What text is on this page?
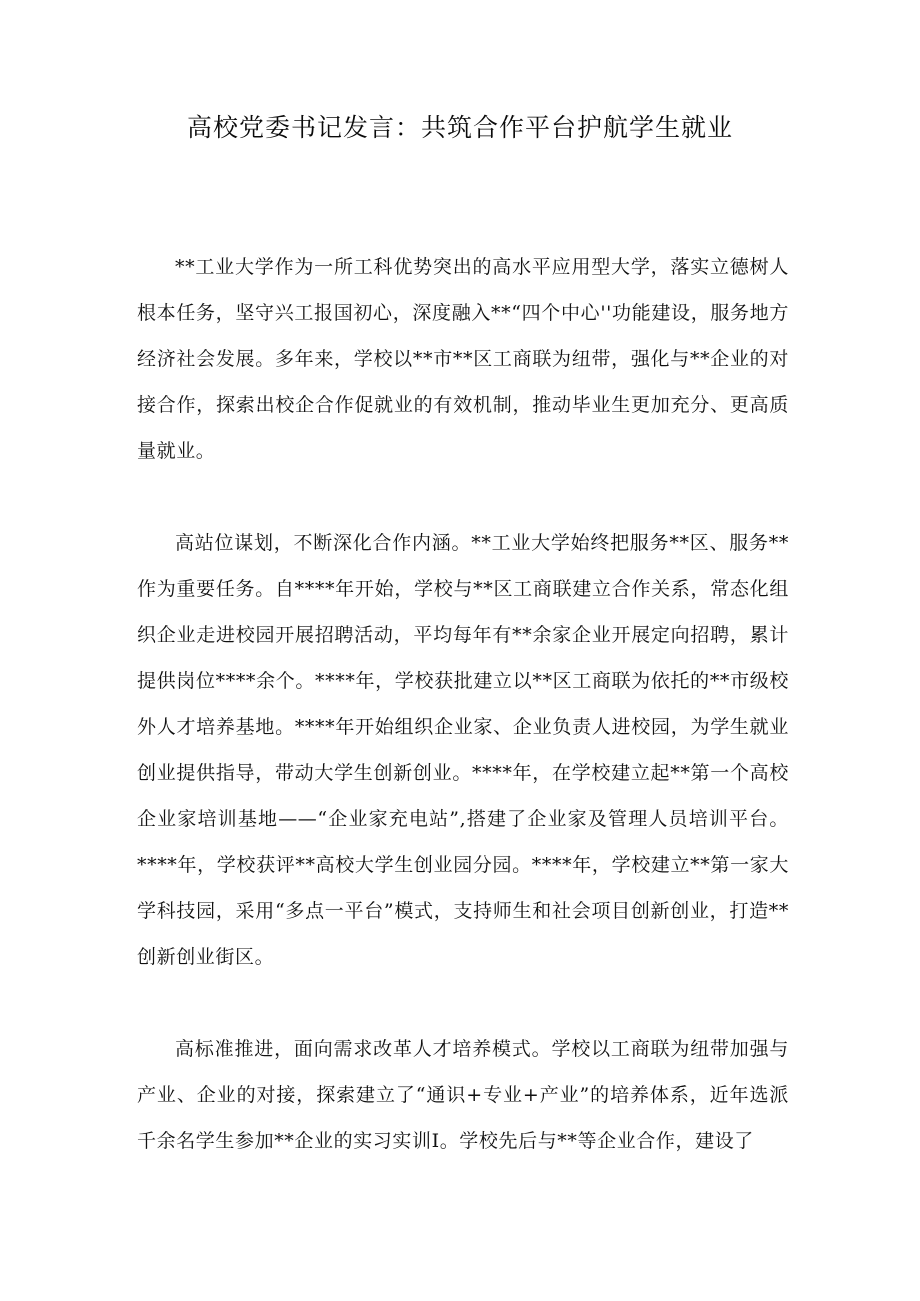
高校党委书记发言：共筑合作平台护航学生就业

**工业大学作为一所工科优势突出的高水平应用型大学，落实立德树人根本任务，坚守兴工报国初心，深度融入**“四个中心''功能建设，服务地方经济社会发展。多年来，学校以**市**区工商联为纽带，强化与**企业的对接合作，探索出校企合作促就业的有效机制，推动毕业生更加充分、更高质量就业。

高站位谋划，不断深化合作内涵。**工业大学始终把服务**区、服务**作为重要任务。自****年开始，学校与**区工商联建立合作关系，常态化组织企业走进校园开展招聘活动，平均每年有**余家企业开展定向招聘，累计提供岗位****余个。****年，学校获批建立以**区工商联为依托的**市级校外人才培养基地。****年开始组织企业家、企业负责人进校园，为学生就业创业提供指导，带动大学生创新创业。****年，在学校建立起**第一个高校企业家培训基地——“企业家充电站”,搭建了企业家及管理人员培训平台。****年，学校获评**高校大学生创业园分园。****年，学校建立**第一家大学科技园，采用“多点一平台”模式，支持师生和社会项目创新创业，打造**创新创业街区。

高标准推进，面向需求改革人才培养模式。学校以工商联为纽带加强与产业、企业的对接，探索建立了“通识+专业+产业”的培养体系，近年选派千余名学生参加**企业的实习实训I。学校先后与**等企业合作，建设了
